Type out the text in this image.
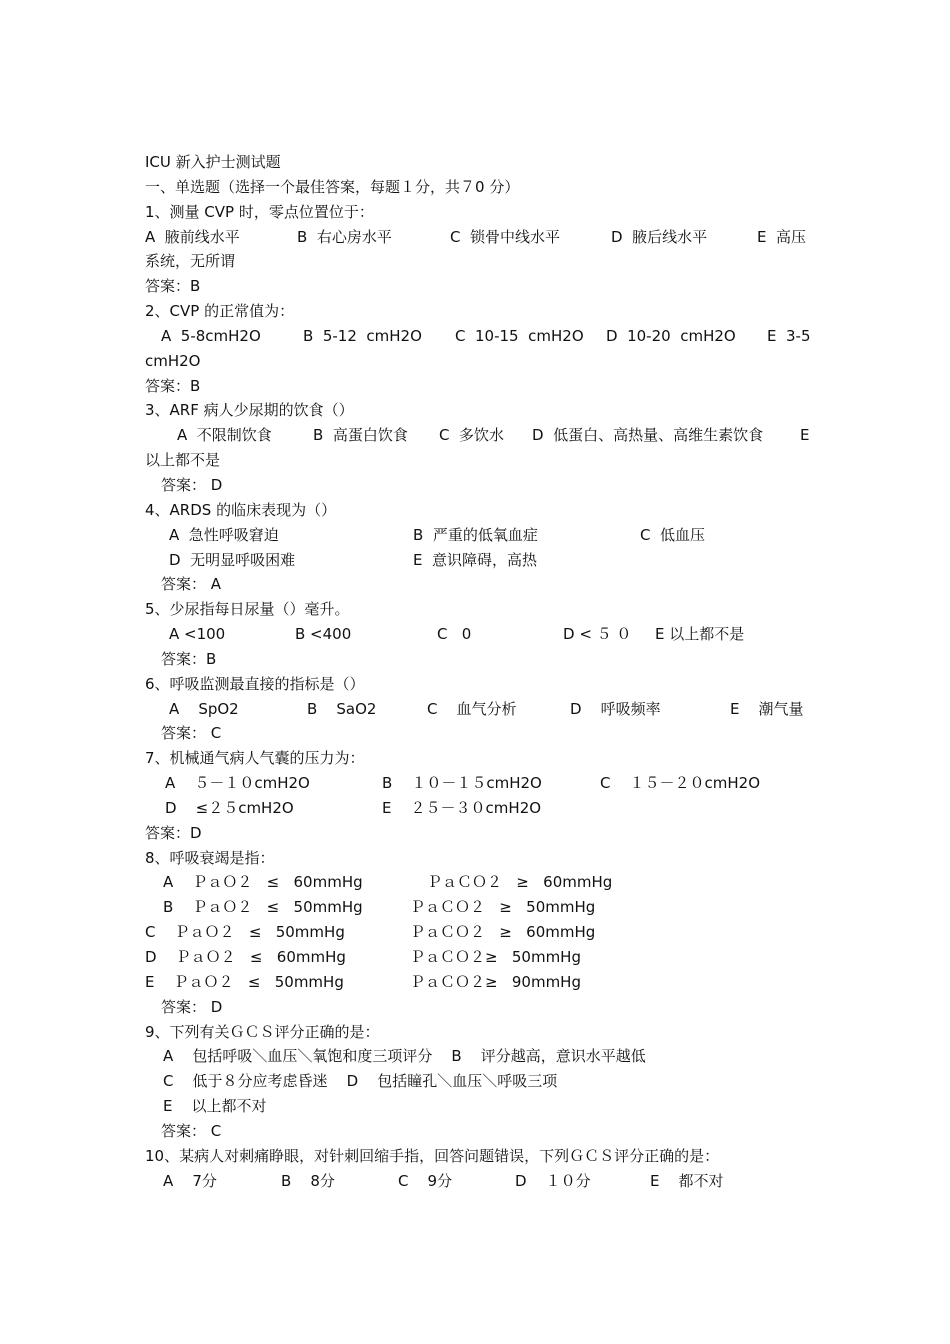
ICU 新入护士测试题
一、单选题（选择一个最佳答案，每题１分，共７0 分）
1、测量 CVP 时，零点位置位于：
A  腋前线水平	B  右心房水平	C  锁骨中线水平	D  腋后线水平	E  高压
系统，无所谓
答案：B
2、CVP 的正常值为：
A  5-8cmH2O	B  5-12  cmH2O C  10-15  cmH2O D  10-20  cmH2O E  3-5
cmH2O
答案：B
3、ARF 病人少尿期的饮食（）
A  不限制饮食	B  高蛋白饮食 C  多饮水 D  低蛋白、高热量、高维生素饮食 E
以上都不是
答案： D
4、ARDS 的临床表现为（）
A  急性呼吸窘迫	B  严重的低氧血症	C  低血压
D  无明显呼吸困难	E  意识障碍，高热
答案： A
5、少尿指每日尿量（）毫升。
A <100	B <400	C   0	D < ５ ０ E 以上都不是
答案：B
6、呼吸监测最直接的指标是（）
A    SpO2	B    SaO2	C    血气分析	D    呼吸频率	E    潮气量
答案： C
7、机械通气病人气囊的压力为：
A    ５－１０cmH2O	B    １０－１５cmH2O	C    １５－２０cmH2O
D    ≤２５cmH2O	E    ２５－３０cmH2O
答案：D
8、呼吸衰竭是指：
A    ＰａＯ２   ≤   60mmHg	ＰａＣＯ２   ≥   60mmHg
B    ＰａＯ２   ≤   50mmHg	ＰａＣＯ２   ≥   50mmHg
C    ＰａＯ２   ≤   50mmHg	ＰａＣＯ２   ≥   60mmHg
D    ＰａＯ２   ≤   60mmHg	ＰａＣＯ２≥   50mmHg
E    ＰａＯ２   ≤   50mmHg	ＰａＣＯ２≥   90mmHg
答案： D
9、下列有关ＧＣＳ评分正确的是：
A    包括呼吸＼血压＼氧饱和度三项评分    B    评分越高，意识水平越低
C    低于８分应考虑昏迷    D    包括瞳孔＼血压＼呼吸三项
E    以上都不对
答案： C
10、某病人对刺痛睁眼，对针刺回缩手指，回答问题错误，下列ＧＣＳ评分正确的是：
A    7分	B    8分	C    9分	D    １０分	E    都不对
